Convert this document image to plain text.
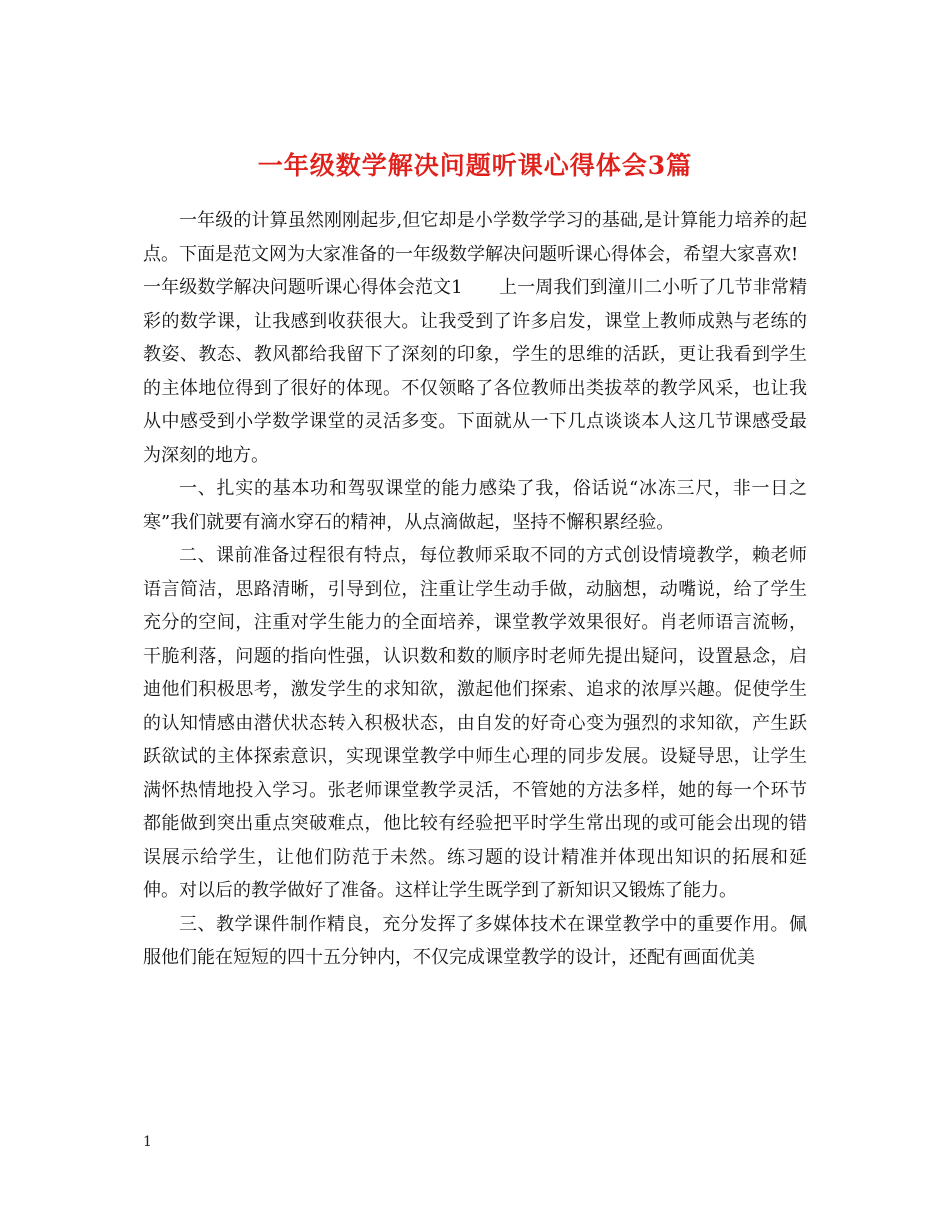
一年级数学解决问题听课心得体会3篇

一年级的计算虽然刚刚起步,但它却是小学数学学习的基础,是计算能力培养的起点。下面是范文网为大家准备的一年级数学解决问题听课心得体会，希望大家喜欢!

一年级数学解决问题听课心得体会范文1　　上一周我们到潼川二小听了几节非常精彩的数学课，让我感到收获很大。让我受到了许多启发，课堂上教师成熟与老练的教姿、教态、教风都给我留下了深刻的印象，学生的思维的活跃，更让我看到学生的主体地位得到了很好的体现。不仅领略了各位教师出类拔萃的教学风采，也让我从中感受到小学数学课堂的灵活多变。下面就从一下几点谈谈本人这几节课感受最为深刻的地方。

一、扎实的基本功和驾驭课堂的能力感染了我，俗话说“冰冻三尺，非一日之寒”我们就要有滴水穿石的精神，从点滴做起，坚持不懈积累经验。

二、课前准备过程很有特点，每位教师采取不同的方式创设情境教学，赖老师语言简洁，思路清晰，引导到位，注重让学生动手做，动脑想，动嘴说，给了学生充分的空间，注重对学生能力的全面培养，课堂教学效果很好。肖老师语言流畅，干脆利落，问题的指向性强，认识数和数的顺序时老师先提出疑问，设置悬念，启迪他们积极思考，激发学生的求知欲，激起他们探索、追求的浓厚兴趣。促使学生的认知情感由潜伏状态转入积极状态，由自发的好奇心变为强烈的求知欲，产生跃跃欲试的主体探索意识，实现课堂教学中师生心理的同步发展。设疑导思，让学生满怀热情地投入学习。张老师课堂教学灵活，不管她的方法多样，她的每一个环节都能做到突出重点突破难点，他比较有经验把平时学生常出现的或可能会出现的错误展示给学生，让他们防范于未然。练习题的设计精准并体现出知识的拓展和延伸。对以后的教学做好了准备。这样让学生既学到了新知识又锻炼了能力。

三、教学课件制作精良，充分发挥了多媒体技术在课堂教学中的重要作用。佩服他们能在短短的四十五分钟内，不仅完成课堂教学的设计，还配有画面优美

1
